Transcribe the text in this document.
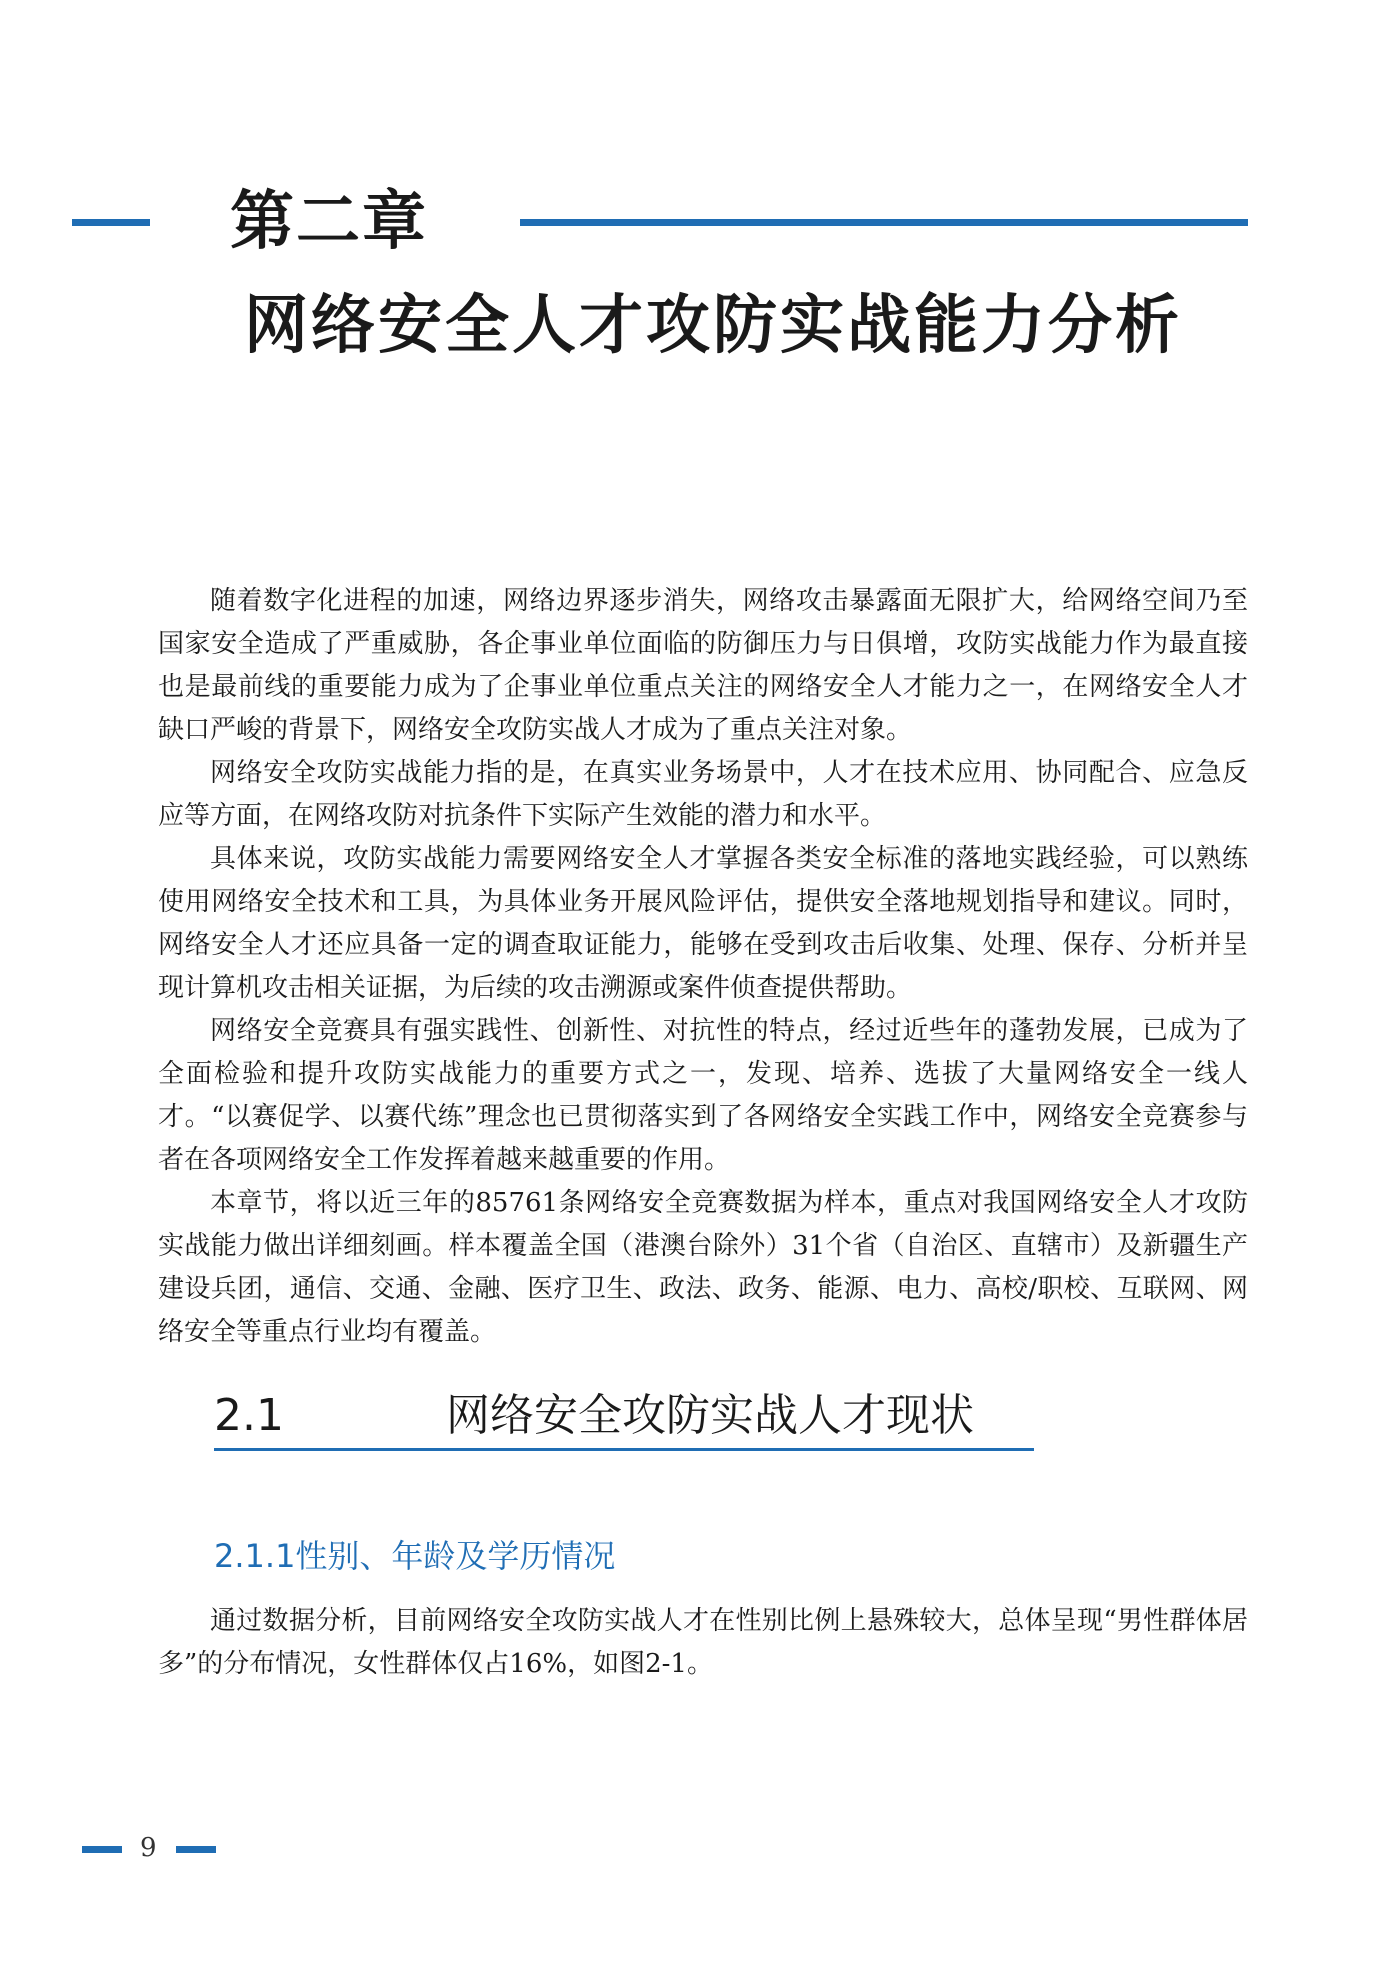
第二章
网络安全人才攻防实战能力分析

随着数字化进程的加速，网络边界逐步消失，网络攻击暴露面无限扩大，给网络空间乃至国家安全造成了严重威胁，各企事业单位面临的防御压力与日俱增，攻防实战能力作为最直接也是最前线的重要能力成为了企事业单位重点关注的网络安全人才能力之一，在网络安全人才缺口严峻的背景下，网络安全攻防实战人才成为了重点关注对象。

网络安全攻防实战能力指的是，在真实业务场景中，人才在技术应用、协同配合、应急反应等方面，在网络攻防对抗条件下实际产生效能的潜力和水平。

具体来说，攻防实战能力需要网络安全人才掌握各类安全标准的落地实践经验，可以熟练使用网络安全技术和工具，为具体业务开展风险评估，提供安全落地规划指导和建议。同时，网络安全人才还应具备一定的调查取证能力，能够在受到攻击后收集、处理、保存、分析并呈现计算机攻击相关证据，为后续的攻击溯源或案件侦查提供帮助。

网络安全竞赛具有强实践性、创新性、对抗性的特点，经过近些年的蓬勃发展，已成为了全面检验和提升攻防实战能力的重要方式之一，发现、培养、选拔了大量网络安全一线人才。“以赛促学、以赛代练”理念也已贯彻落实到了各网络安全实践工作中，网络安全竞赛参与者在各项网络安全工作发挥着越来越重要的作用。

本章节，将以近三年的85761条网络安全竞赛数据为样本，重点对我国网络安全人才攻防实战能力做出详细刻画。样本覆盖全国（港澳台除外）31个省（自治区、直辖市）及新疆生产建设兵团，通信、交通、金融、医疗卫生、政法、政务、能源、电力、高校/职校、互联网、网络安全等重点行业均有覆盖。

2.1	网络安全攻防实战人才现状
2.1.1性别、年龄及学历情况

通过数据分析，目前网络安全攻防实战人才在性别比例上悬殊较大，总体呈现“男性群体居多”的分布情况，女性群体仅占16%，如图2-1。

9
